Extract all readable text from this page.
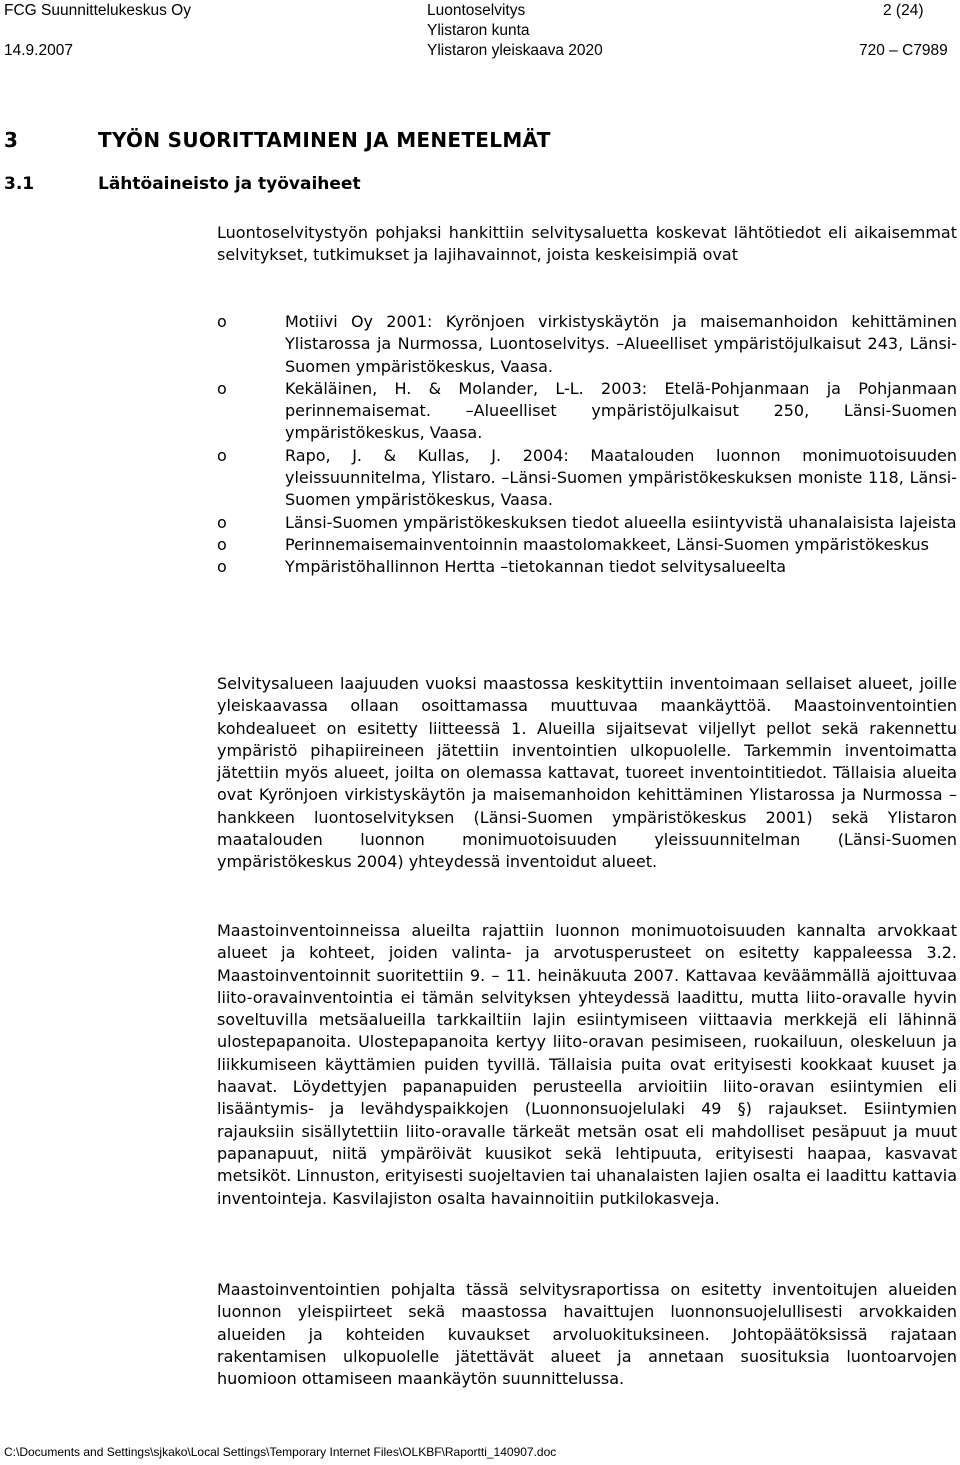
FCG Suunnittelukeskus Oy
14.9.2007
Luontoselvitys
Ylistaron kunta
Ylistaron yleiskaava 2020
2 (24)
720 – C7989
3	TYÖN SUORITTAMINEN JA MENETELMÄT
3.1	Lähtöaineisto ja työvaiheet
Luontoselvitystyön pohjaksi hankittiin selvitysaluetta koskevat lähtötiedot eli aikaisemmat selvitykset, tutkimukset ja lajihavainnot, joista keskeisimpiä ovat
o	Motiivi Oy 2001: Kyrönjoen virkistyskäytön ja maisemanhoidon kehittäminen Ylistarossa ja Nurmossa, Luontoselvitys. –Alueelliset ympäristöjulkaisut 243, Länsi-Suomen ympäristökeskus, Vaasa.
o	Kekäläinen, H. & Molander, L-L. 2003: Etelä-Pohjanmaan ja Pohjanmaan perinnemaisemat. –Alueelliset ympäristöjulkaisut 250, Länsi-Suomen ympäristökeskus, Vaasa.
o	Rapo, J. & Kullas, J. 2004: Maatalouden luonnon monimuotoisuuden yleissuunnitelma, Ylistaro. –Länsi-Suomen ympäristökeskuksen moniste 118, Länsi-Suomen ympäristökeskus, Vaasa.
o	Länsi-Suomen ympäristökeskuksen tiedot alueella esiintyvistä uhanalaisista lajeista
o	Perinnemaisemainventoinnin maastolomakkeet, Länsi-Suomen ympäristökeskus
o	Ympäristöhallinnon Hertta –tietokannan tiedot selvitysalueelta
Selvitysalueen laajuuden vuoksi maastossa keskityttiin inventoimaan sellaiset alueet, joille yleiskaavassa ollaan osoittamassa muuttuvaa maankäyttöä. Maastoinventointien kohdealueet on esitetty liitteessä 1. Alueilla sijaitsevat viljellyt pellot sekä rakennettu ympäristö pihapiireineen jätettiin inventointien ulkopuolelle. Tarkemmin inventoimatta jätettiin myös alueet, joilta on olemassa kattavat, tuoreet inventointitiedot. Tällaisia alueita ovat Kyrönjoen virkistyskäytön ja maisemanhoidon kehittäminen Ylistarossa ja Nurmossa – hankkeen luontoselvityksen (Länsi-Suomen ympäristökeskus 2001) sekä Ylistaron maatalouden luonnon monimuotoisuuden yleissuunnitelman (Länsi-Suomen ympäristökeskus 2004) yhteydessä inventoidut alueet.
Maastoinventoinneissa alueilta rajattiin luonnon monimuotoisuuden kannalta arvokkaat alueet ja kohteet, joiden valinta- ja arvotusperusteet on esitetty kappaleessa 3.2. Maastoinventoinnit suoritettiin 9. – 11. heinäkuuta 2007. Kattavaa keväämmällä ajoittuvaa liito-oravainventointia ei tämän selvityksen yhteydessä laadittu, mutta liito-oravalle hyvin soveltuvilla metsäalueilla tarkkailtiin lajin esiintymiseen viittaavia merkkejä eli lähinnä ulostepapanoita. Ulostepapanoita kertyy liito-oravan pesimiseen, ruokailuun, oleskeluun ja liikkumiseen käyttämien puiden tyvillä. Tällaisia puita ovat erityisesti kookkaat kuuset ja haavat. Löydettyjen papanapuiden perusteella arvioitiin liito-oravan esiintymien eli lisääntymis- ja levähdyspaikkojen (Luonnonsuojelulaki 49 §) rajaukset. Esiintymien rajauksiin sisällytettiin liito-oravalle tärkeät metsän osat eli mahdolliset pesäpuut ja muut papanapuut, niitä ympäröivät kuusikot sekä lehtipuuta, erityisesti haapaa, kasvavat metsiköt. Linnuston, erityisesti suojeltavien tai uhanalaisten lajien osalta ei laadittu kattavia inventointeja. Kasvilajiston osalta havainnoitiin putkilokasveja.
Maastoinventointien pohjalta tässä selvitysraportissa on esitetty inventoitujen alueiden luonnon yleispiirteet sekä maastossa havaittujen luonnonsuojelullisesti arvokkaiden alueiden ja kohteiden kuvaukset arvoluokituksineen. Johtopäätöksissä rajataan rakentamisen ulkopuolelle jätettävät alueet ja annetaan suosituksia luontoarvojen huomioon ottamiseen maankäytön suunnittelussa.
C:\Documents and Settings\sjkako\Local Settings\Temporary Internet Files\OLKBF\Raportti_140907.doc
